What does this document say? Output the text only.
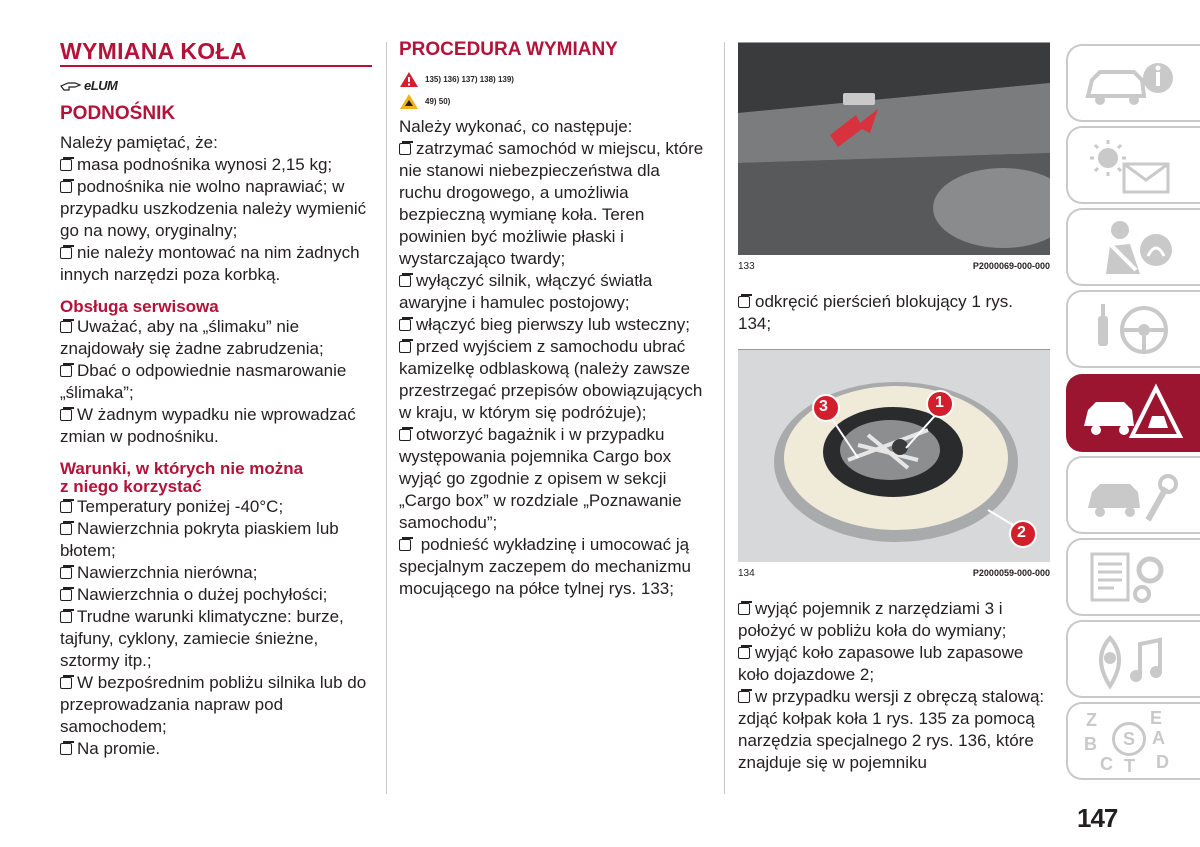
WYMIANA KOŁA
eLUM
PODNOŚNIK

Należy pamiętać, że:

masa podnośnika wynosi 2,15 kg;

podnośnika nie wolno naprawiać; w przypadku uszkodzenia należy wymienić go na nowy, oryginalny;

nie należy montować na nim żadnych innych narzędzi poza korbką.

Obsługa serwisowa

Uważać, aby na „ślimaku” nie znajdowały się żadne zabrudzenia;

Dbać o odpowiednie nasmarowanie „ślimaka”;

W żadnym wypadku nie wprowadzać zmian w podnośniku.

Warunki, w których nie można
z niego korzystać

Temperatury poniżej -40°C;

Nawierzchnia pokryta piaskiem lub błotem;

Nawierzchnia nierówna;

Nawierzchnia o dużej pochyłości;

Trudne warunki klimatyczne: burze, tajfuny, cyklony, zamiecie śnieżne, sztormy itp.;

W bezpośrednim pobliżu silnika lub do przeprowadzania napraw pod samochodem;

Na promie.

PROCEDURA WYMIANY
135) 136) 137) 138) 139)
49) 50)

Należy wykonać, co następuje:

zatrzymać samochód w miejscu, które nie stanowi niebezpieczeństwa dla ruchu drogowego, a umożliwia bezpieczną wymianę koła. Teren powinien być możliwie płaski i wystarczająco twardy;

wyłączyć silnik, włączyć światła awaryjne i hamulec postojowy;

włączyć bieg pierwszy lub wsteczny;

przed wyjściem z samochodu ubrać kamizelkę odblaskową (należy zawsze przestrzegać przepisów obowiązujących w kraju, w którym się podróżuje);

otworzyć bagażnik i w przypadku występowania pojemnika Cargo box wyjąć go zgodnie z opisem w sekcji „Cargo box” w rozdziale „Poznawanie samochodu”;

podnieść wykładzinę i umocować ją specjalnym zaczepem do mechanizmu mocującego na półce tylnej rys. 133;

133	P2000069-000-000

odkręcić pierścień blokujący 1 rys. 134;

3	1
2
134	P2000059-000-000

wyjąć pojemnik z narzędziami 3 i położyć w pobliżu koła do wymiany;

wyjąć koło zapasowe lub zapasowe koło dojazdowe 2;

w przypadku wersji z obręczą stalową: zdjąć kołpak koła 1 rys. 135 za pomocą narzędzia specjalnego 2 rys. 136, które znajduje się w pojemniku

Z	E
B	S A
C T D
147
